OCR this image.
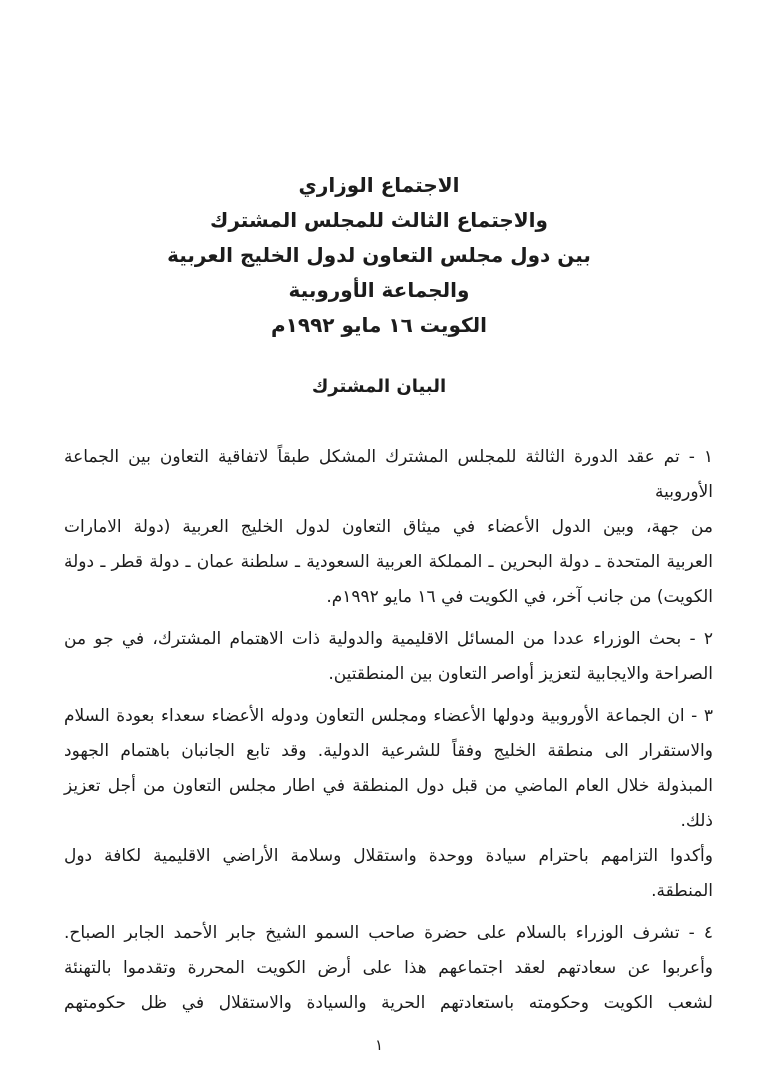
الاجتماع الوزاري
والاجتماع الثالث للمجلس المشترك
بين دول مجلس التعاون لدول الخليج العربية
والجماعة الأوروبية
الكويت ١٦ مايو ١٩٩٢م
البيان المشترك
١ - تم عقد الدورة الثالثة للمجلس المشترك المشكل طبقاً لاتفاقية التعاون بين الجماعة الأوروبية
من جهة، وبين الدول الأعضاء في ميثاق التعاون لدول الخليج العربية (دولة الامارات
العربية المتحدة ـ دولة البحرين ـ المملكة العربية السعودية ـ سلطنة عمان ـ دولة قطر ـ دولة
الكويت) من جانب آخر، في الكويت في ١٦ مايو ١٩٩٢م.
٢ - بحث الوزراء عددا من المسائل الاقليمية والدولية ذات الاهتمام المشترك، في جو من
الصراحة والايجابية لتعزيز أواصر التعاون بين المنطقتين.
٣ - ان الجماعة الأوروبية ودولها الأعضاء ومجلس التعاون ودوله الأعضاء سعداء بعودة السلام
والاستقرار الى منطقة الخليج وفقاً للشرعية الدولية. وقد تابع الجانبان باهتمام الجهود
المبذولة خلال العام الماضي من قبل دول المنطقة في اطار مجلس التعاون من أجل تعزيز ذلك.
وأكدوا التزامهم باحترام سيادة ووحدة واستقلال وسلامة الأراضي الاقليمية لكافة دول
المنطقة.
٤ - تشرف الوزراء بالسلام على حضرة صاحب السمو الشيخ جابر الأحمد الجابر الصباح.
وأعربوا عن سعادتهم لعقد اجتماعهم هذا على أرض الكويت المحررة وتقدموا بالتهنئة
لشعب الكويت وحكومته باستعادتهم الحرية والسيادة والاستقلال في ظل حكومتهم
١
